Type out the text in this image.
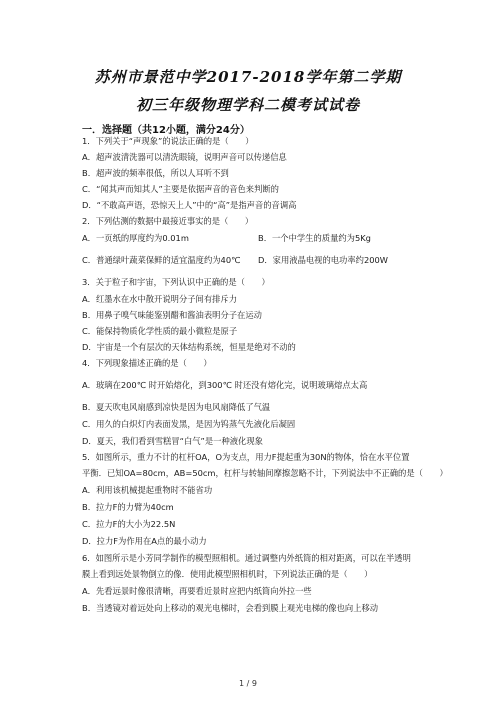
苏州市景范中学2017-2018学年第二学期
初三年级物理学科二模考试试卷
一．选择题（共12小题，满分24分）
1．下列关于“声现象”的说法正确的是（　　）
A．超声波清洗器可以清洗眼镜，说明声音可以传递信息
B．超声波的频率很低，所以人耳听不到
C．“闻其声而知其人”主要是依据声音的音色来判断的
D．“不敢高声语，恐惊天上人”中的“高”是指声音的音调高
2．下列估测的数据中最接近事实的是（　　）
A．一页纸的厚度约为0.01m	B．一个中学生的质量约为5Kg
C．普通绿叶蔬菜保鲜的适宜温度约为40℃ D．家用液晶电视的电功率约200W
3．关于粒子和宇宙，下列认识中正确的是（　　）
A．红墨水在水中散开说明分子间有排斥力
B．用鼻子嗅气味能鉴别醋和酱油表明分子在运动
C．能保持物质化学性质的最小微粒是原子
D．宇宙是一个有层次的天体结构系统，恒星是绝对不动的
4．下列现象描述正确的是（　　）
A．玻璃在200℃ 时开始熔化，到300℃ 时还没有熔化完，说明玻璃熔点太高
B．夏天吹电风扇感到凉快是因为电风扇降低了气温
C．用久的白炽灯内表面发黑，是因为钨蒸气先液化后凝固
D．夏天，我们看到雪糕冒“白气”是一种液化现象
5．如图所示，重力不计的杠杆OA，O为支点，用力F提起重为30N的物体，恰在水平位置
平衡．已知OA=80cm，AB=50cm，杠杆与转轴间摩擦忽略不计，下列说法中不正确的是（　　）
A．利用该机械提起重物时不能省功
B．拉力F的力臂为40cm
C．拉力F的大小为22.5N
D．拉力F为作用在A点的最小动力
6．如图所示是小芳同学制作的模型照相机。通过调整内外纸筒的相对距离，可以在半透明
膜上看到远处景物倒立的像．使用此模型照相机时，下列说法正确的是（　　）
A．先看远景时像很清晰，再要看近景时应把内纸筒向外拉一些
B．当透镜对着远处向上移动的观光电梯时，会看到膜上观光电梯的像也向上移动
1 / 9
